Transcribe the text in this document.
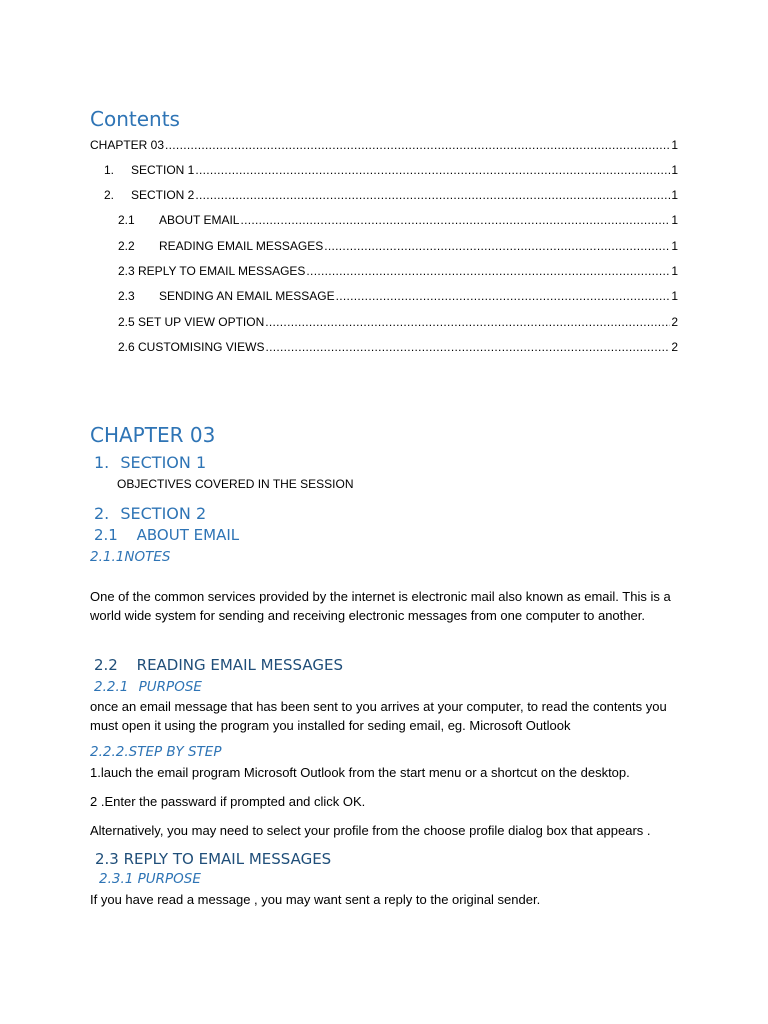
Contents
CHAPTER 03 .....	1
1.	SECTION 1 .....	1
2.	SECTION 2 .....	1
2.1	ABOUT EMAIL .....	1
2.2	READING EMAIL MESSAGES .....	1
2.3 REPLY TO EMAIL MESSAGES .....	1
2.3	SENDING AN EMAIL MESSAGE .....	1
2.5 SET UP VIEW OPTION .....	2
2.6 CUSTOMISING VIEWS .....	2
CHAPTER 03
1. SECTION 1
OBJECTIVES COVERED IN THE SESSION
2. SECTION 2
2.1 ABOUT EMAIL
2.1.1NOTES
One of the common services provided by the internet is electronic mail also known as email. This is a world wide system for sending and receiving electronic messages from one computer to another.
2.2 READING EMAIL MESSAGES
2.2.1 PURPOSE
once an email message that has been sent to you arrives at your computer, to read the contents you must open it using the program you installed for seding email, eg. Microsoft Outlook
2.2.2.STEP BY STEP
1.lauch the email program Microsoft Outlook from the start menu or a shortcut on the desktop.
2 .Enter the passward if prompted and click OK.
Alternatively, you may need to select your profile from the choose profile dialog box that appears .
2.3 REPLY TO EMAIL MESSAGES
2.3.1 PURPOSE
If you have read a message , you may want sent a reply to the original sender.
